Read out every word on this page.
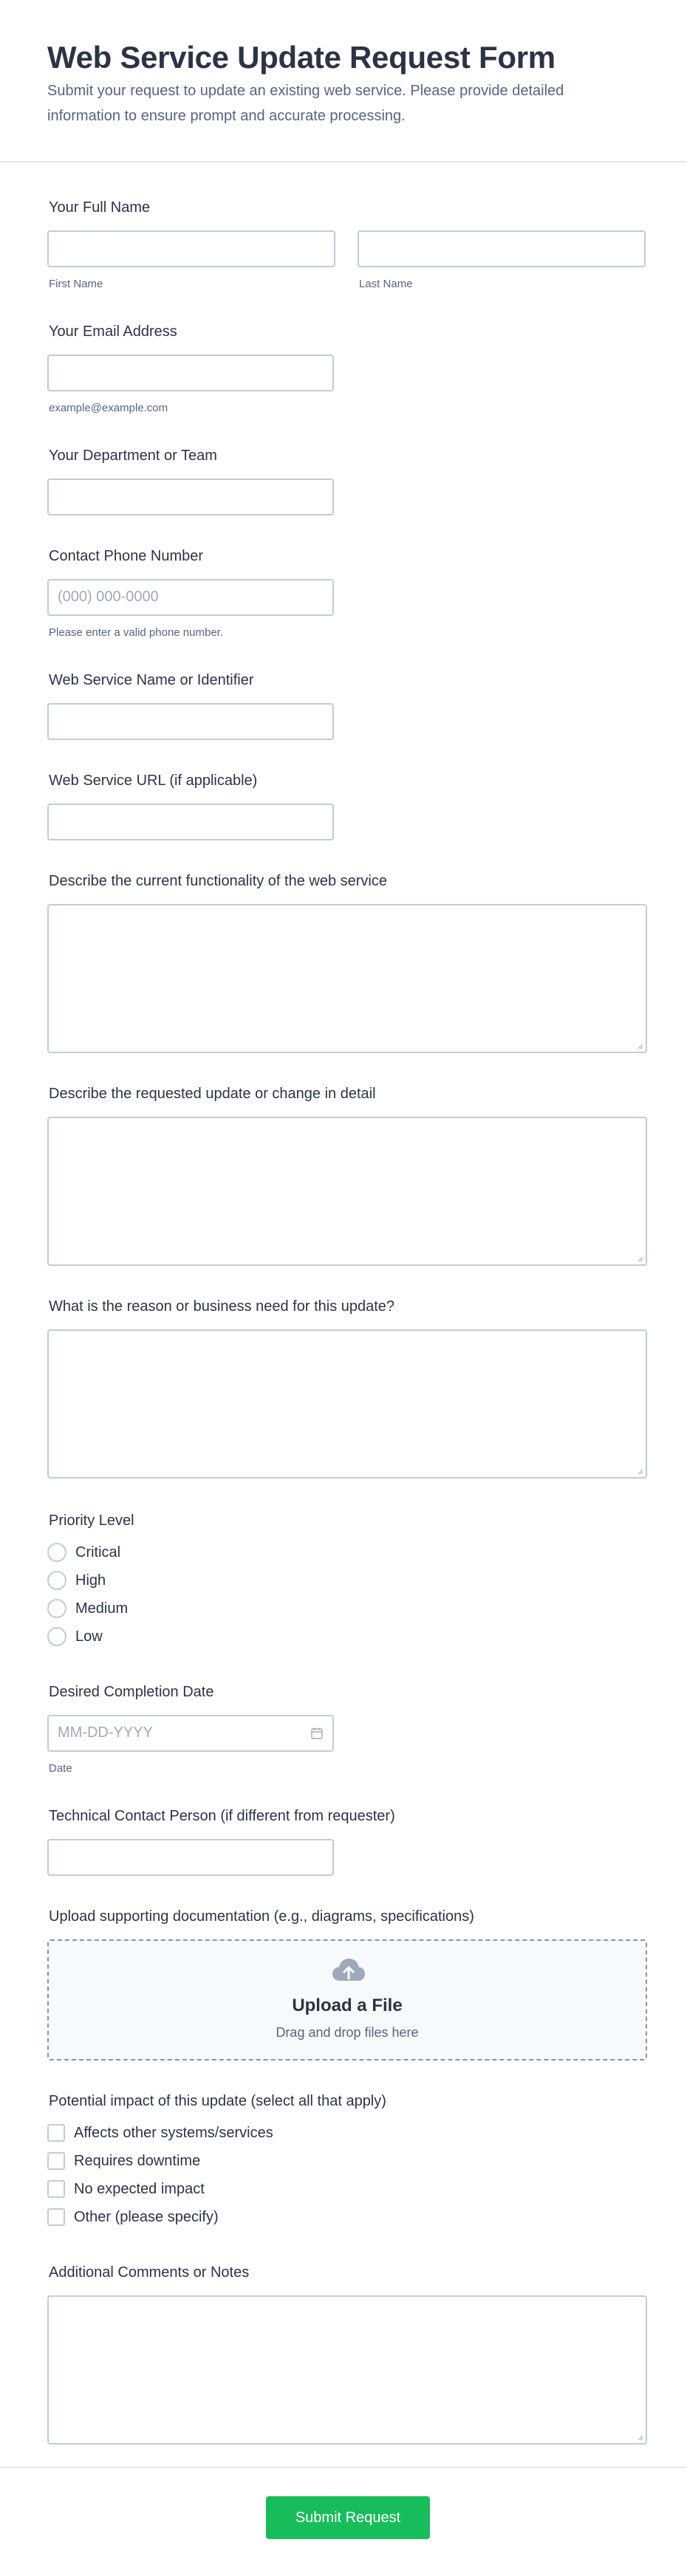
Web Service Update Request Form
Submit your request to update an existing web service. Please provide detailed information to ensure prompt and accurate processing.
Your Full Name
First Name	Last Name
Your Email Address
example@example.com
Your Department or Team
Contact Phone Number
(000) 000-0000
Please enter a valid phone number.
Web Service Name or Identifier
Web Service URL (if applicable)
Describe the current functionality of the web service
Describe the requested update or change in detail
What is the reason or business need for this update?
Priority Level
Critical
High
Medium
Low
Desired Completion Date
MM-DD-YYYY
Date
Technical Contact Person (if different from requester)
Upload supporting documentation (e.g., diagrams, specifications)
Upload a File
Drag and drop files here
Potential impact of this update (select all that apply)
Affects other systems/services
Requires downtime
No expected impact
Other (please specify)
Additional Comments or Notes
Submit Request
